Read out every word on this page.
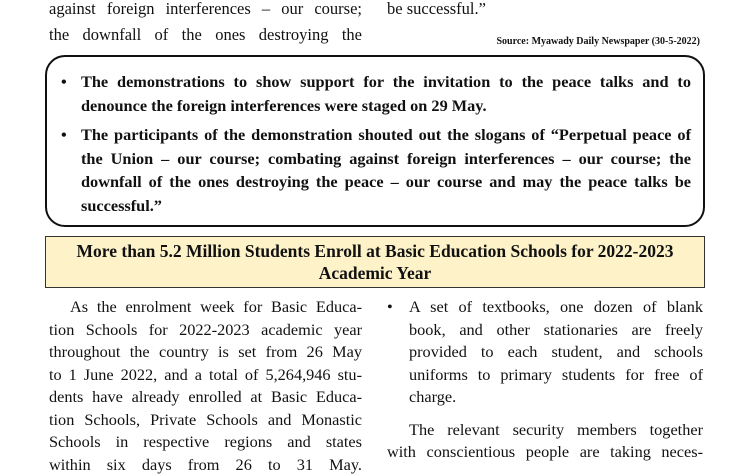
against foreign interferences – our course;
the downfall of the ones destroying the
be successful.”
Source: Myawady Daily Newspaper (30-5-2022)
• The demonstrations to show support for the invitation to the peace talks and to denounce the foreign interferences were staged on 29 May.
• The participants of the demonstration shouted out the slogans of “Perpetual peace of the Union – our course; combating against foreign interferences – our course; the downfall of the ones destroying the peace – our course and may the peace talks be successful.”
More than 5.2 Million Students Enroll at Basic Education Schools for 2022-2023
Academic Year
As the enrolment week for Basic Educa-
tion Schools for 2022-2023 academic year
throughout the country is set from 26 May
to 1 June 2022, and a total of 5,264,946 stu-
dents have already enrolled at Basic Educa-
tion Schools, Private Schools and Monastic
Schools in respective regions and states
within six days from 26 to 31 May.
• A set of textbooks, one dozen of blank
book, and other stationaries are freely
provided to each student, and schools
uniforms to primary students for free of
charge.
The relevant security members together
with conscientious people are taking neces-
